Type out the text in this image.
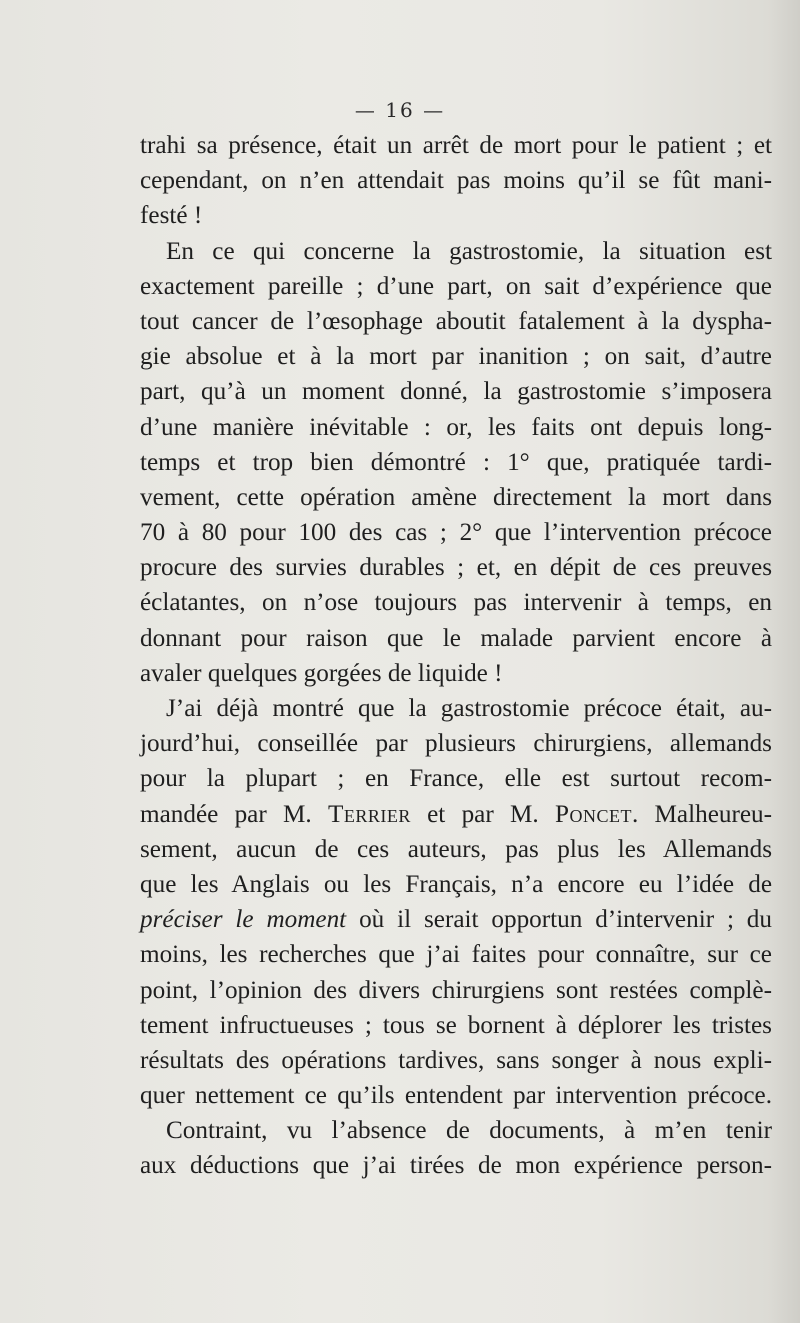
— 16 —
trahi sa présence, était un arrêt de mort pour le patient ; et
cependant, on n’en attendait pas moins qu’il se fût mani-
festé !
En ce qui concerne la gastrostomie, la situation est
exactement pareille ; d’une part, on sait d’expérience que
tout cancer de l’œsophage aboutit fatalement à la dyspha-
gie absolue et à la mort par inanition ; on sait, d’autre
part, qu’à un moment donné, la gastrostomie s’imposera
d’une manière inévitable : or, les faits ont depuis long-
temps et trop bien démontré : 1° que, pratiquée tardi-
vement, cette opération amène directement la mort dans
70 à 80 pour 100 des cas ; 2° que l’intervention précoce
procure des survies durables ; et, en dépit de ces preuves
éclatantes, on n’ose toujours pas intervenir à temps, en
donnant pour raison que le malade parvient encore à
avaler quelques gorgées de liquide !
J’ai déjà montré que la gastrostomie précoce était, au-
jourd’hui, conseillée par plusieurs chirurgiens, allemands
pour la plupart ; en France, elle est surtout recom-
mandée par M. Terrier et par M. Poncet. Malheureu-
sement, aucun de ces auteurs, pas plus les Allemands
que les Anglais ou les Français, n’a encore eu l’idée de
préciser le moment où il serait opportun d’intervenir ; du
moins, les recherches que j’ai faites pour connaître, sur ce
point, l’opinion des divers chirurgiens sont restées complè-
tement infructueuses ; tous se bornent à déplorer les tristes
résultats des opérations tardives, sans songer à nous expli-
quer nettement ce qu’ils entendent par intervention précoce.
Contraint, vu l’absence de documents, à m’en tenir
aux déductions que j’ai tirées de mon expérience person-
